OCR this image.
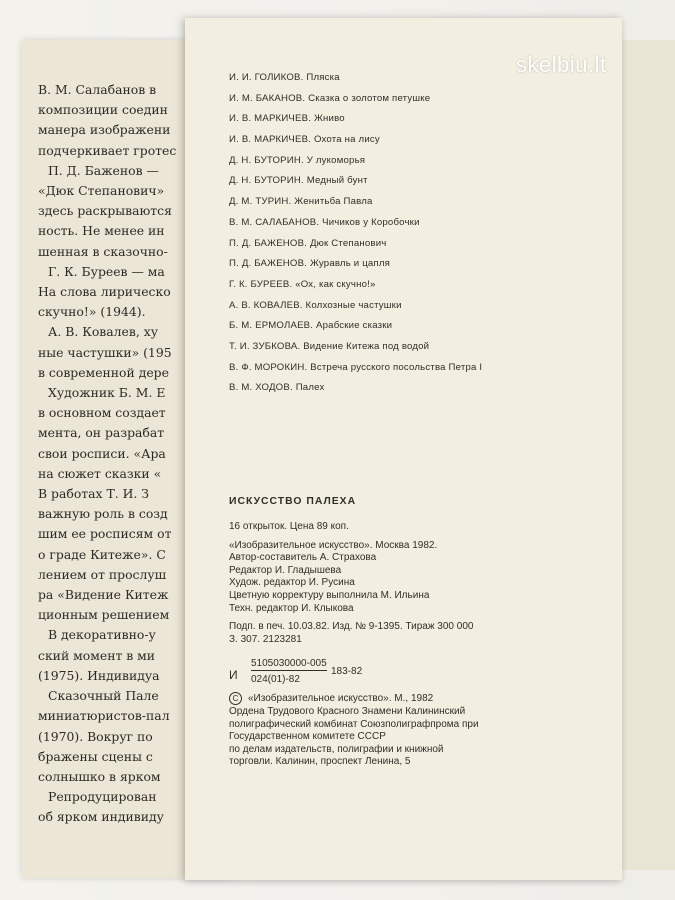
В. М. Салабанов в
композиции соедин
манера изображени
подчеркивает гротес
П. Д. Баженов —
«Дюк Степанович»
здесь раскрываются
ность. Не менее ин
шенная в сказочно-
Г. К. Буреев — ма
На слова лирическо
скучно!» (1944).
А. В. Ковалев, ху
ные частушки» (195
в современной дере
Художник Б. М. Е
в основном создает
мента, он разрабат
свои росписи. «Ара
на сюжет сказки «
В работах Т. И. З
важную роль в созд
шим ее росписям от
о граде Китеже». С
лением от прослуш
ра «Видение Китеж
ционным решением
В декоративно-у
ский момент в ми
(1975). Индивидуа
Сказочный Пале
миниатюристов-пал
(1970). Вокруг по
бражены сцены с
солнышко в ярком
Репродуцирован
об ярком индивиду
И. И. ГОЛИКОВ. Пляска
И. М. БАКАНОВ. Сказка о золотом петушке
И. В. МАРКИЧЕВ. Жниво
И. В. МАРКИЧЕВ. Охота на лису
Д. Н. БУТОРИН. У лукоморья
Д. Н. БУТОРИН. Медный бунт
Д. М. ТУРИН. Женитьба Павла
В. М. САЛАБАНОВ. Чичиков у Коробочки
П. Д. БАЖЕНОВ. Дюк Степанович
П. Д. БАЖЕНОВ. Журавль и цапля
Г. К. БУРЕЕВ. «Ох, как скучно!»
А. В. КОВАЛЕВ. Колхозные частушки
Б. М. ЕРМОЛАЕВ. Арабские сказки
Т. И. ЗУБКОВА. Видение Китежа под водой
В. Ф. МОРОКИН. Встреча русского посольства Петра I
В. М. ХОДОВ. Палех
ИСКУССТВО ПАЛЕХА
16 открыток. Цена 89 коп.
«Изобразительное искусство». Москва 1982.
Автор-составитель А. Страхова
Редактор И. Гладышева
Худож. редактор И. Русина
Цветную корректуру выполнила М. Ильина
Техн. редактор И. Клыкова
Подп. в печ. 10.03.82. Изд. № 9-1395. Тираж 300 000
З. 307. 2123281
И
5105030000-005
024(01)-82
183-82
С «Изобразительное искусство». М., 1982
Ордена Трудового Красного Знамени Калининский
полиграфический комбинат Союзполиграфпрома при
Государственном комитете СССР
по делам издательств, полиграфии и книжной
торговли. Калинин, проспект Ленина, 5
skelbiu.lt
